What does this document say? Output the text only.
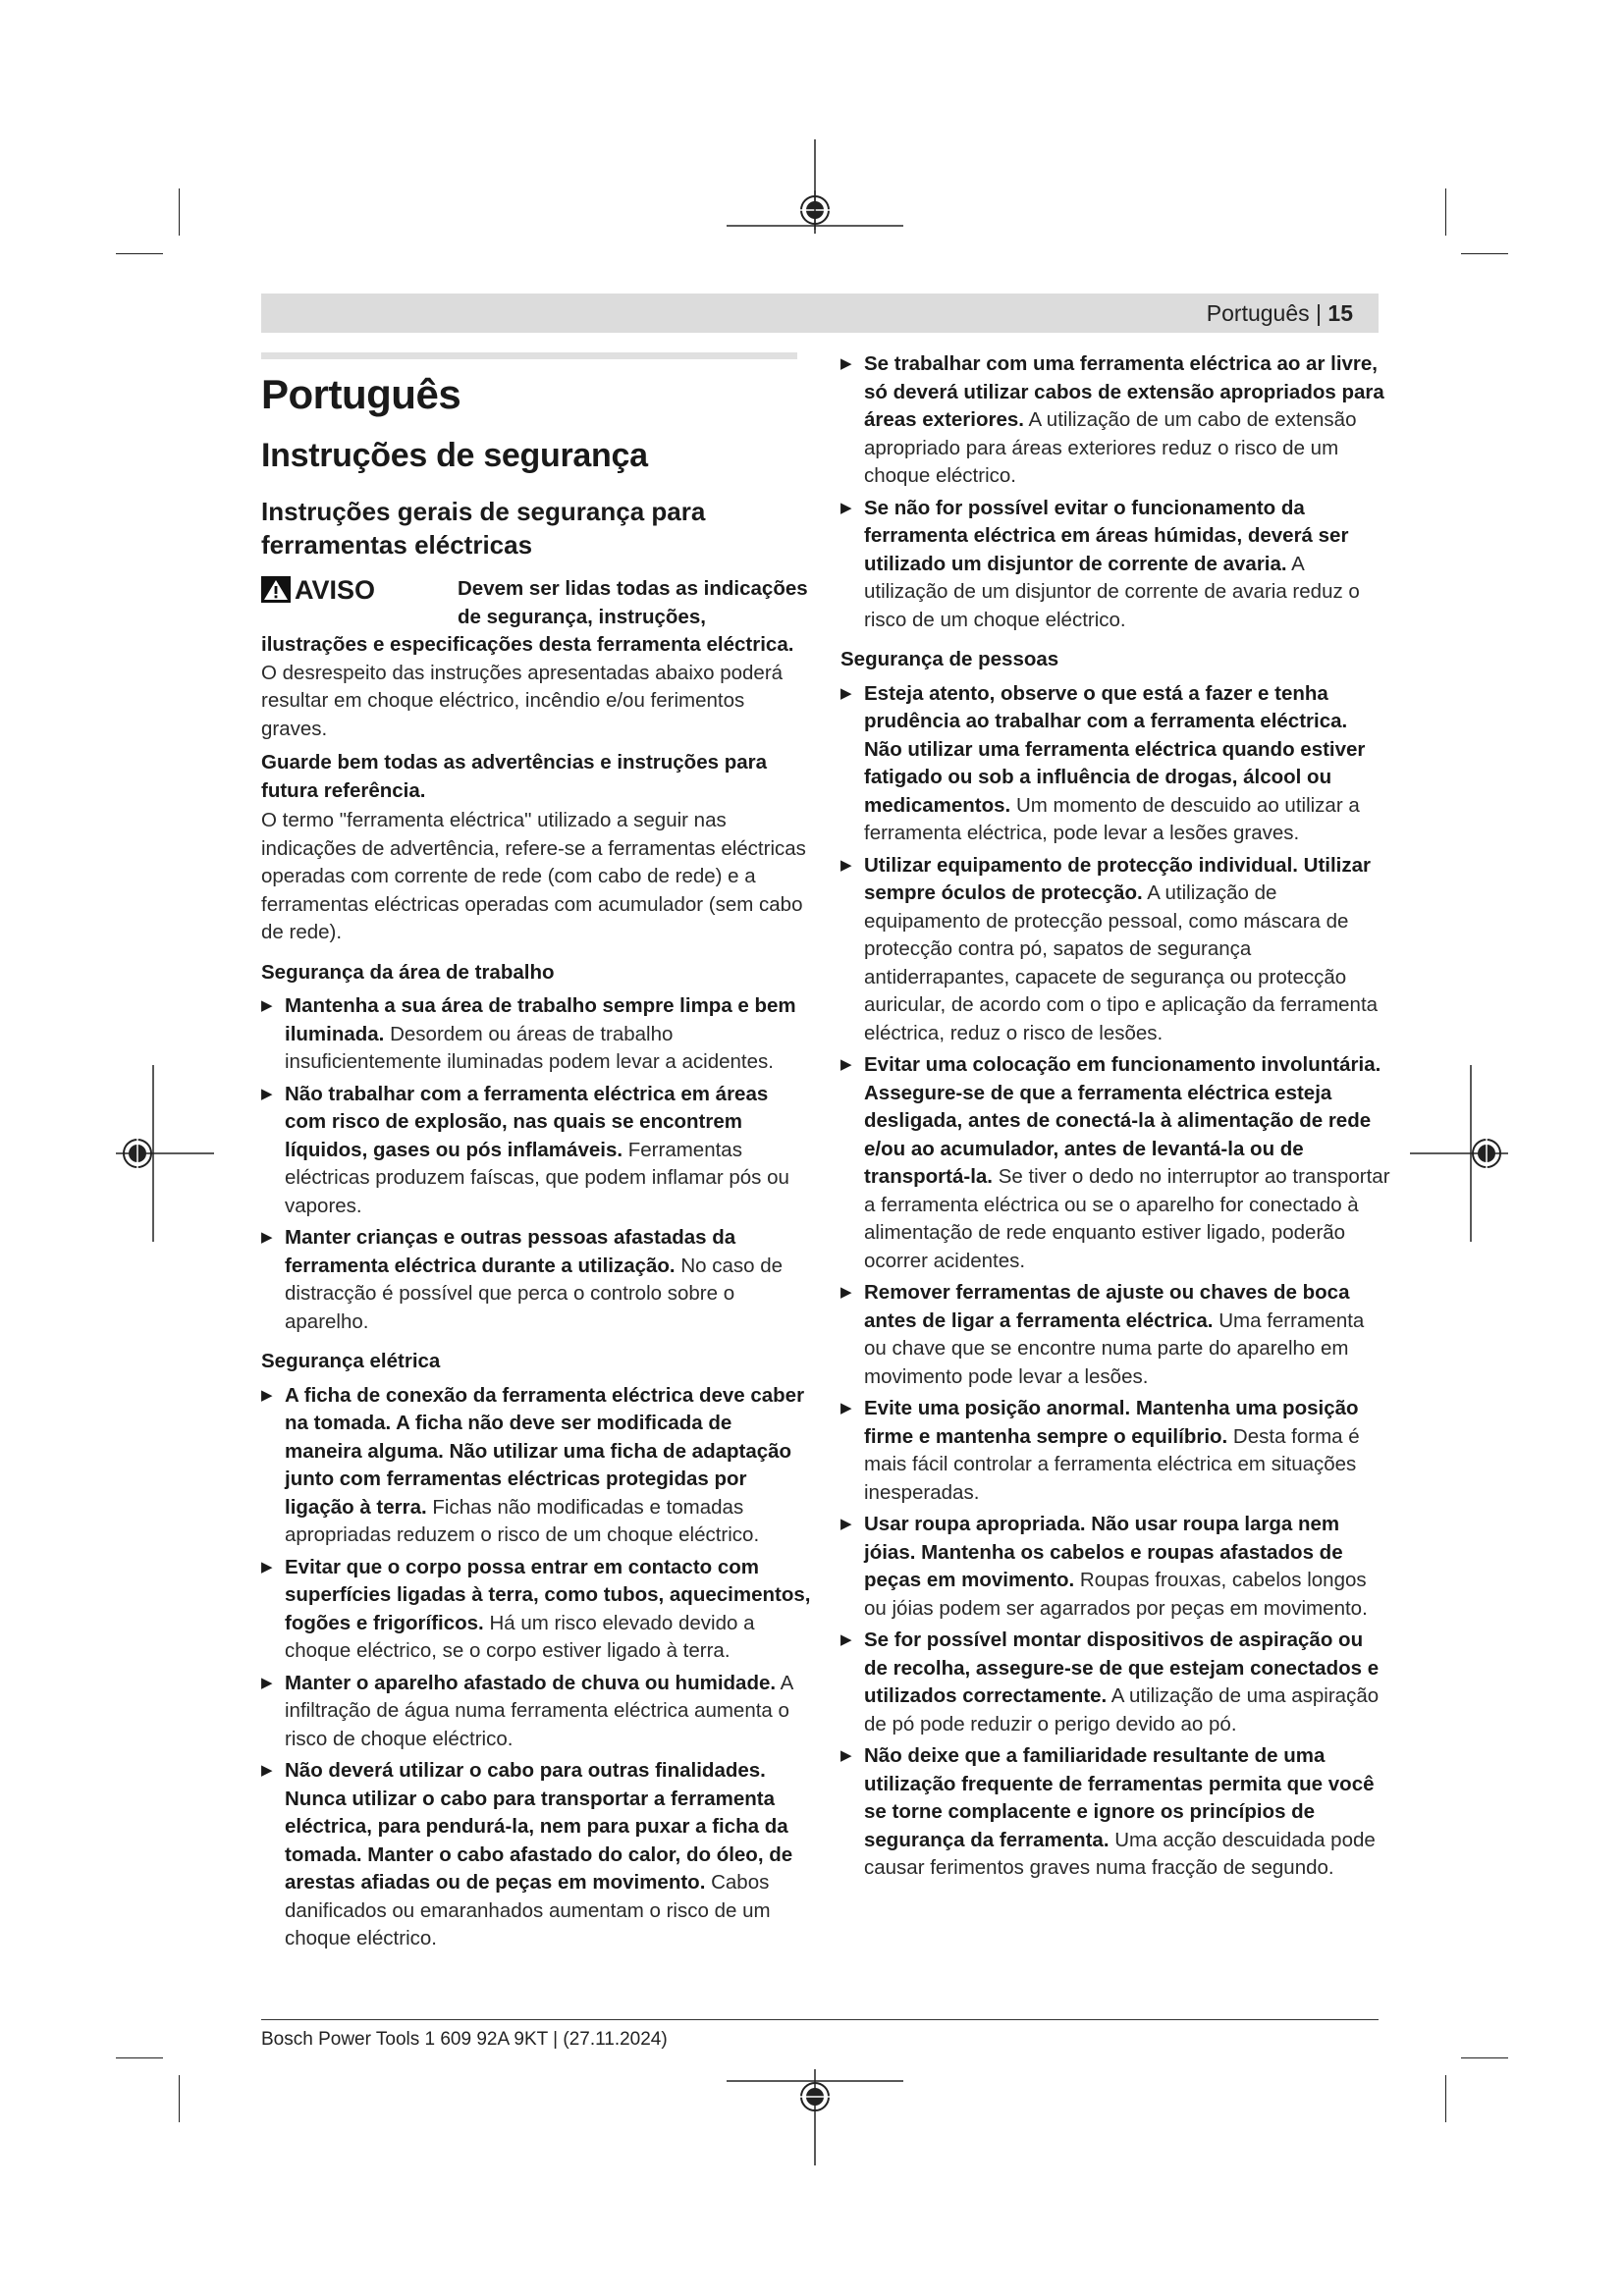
Português | 15
Português
Instruções de segurança
Instruções gerais de segurança para ferramentas eléctricas
AVISO	Devem ser lidas todas as indicações de segurança, instruções, ilustrações e especificações desta ferramenta eléctrica. O desrespeito das instruções apresentadas abaixo poderá resultar em choque eléctrico, incêndio e/ou ferimentos graves.

Guarde bem todas as advertências e instruções para futura referência.

O termo "ferramenta eléctrica" utilizado a seguir nas indicações de advertência, refere-se a ferramentas eléctricas operadas com corrente de rede (com cabo de rede) e a ferramentas eléctricas operadas com acumulador (sem cabo de rede).

Segurança da área de trabalho

▶ Mantenha a sua área de trabalho sempre limpa e bem iluminada. Desordem ou áreas de trabalho insuficientemente iluminadas podem levar a acidentes.
▶ Não trabalhar com a ferramenta eléctrica em áreas com risco de explosão, nas quais se encontrem líquidos, gases ou pós inflamáveis. Ferramentas eléctricas produzem faíscas, que podem inflamar pós ou vapores.
▶ Manter crianças e outras pessoas afastadas da ferramenta eléctrica durante a utilização. No caso de distracção é possível que perca o controlo sobre o aparelho.

Segurança elétrica

▶ A ficha de conexão da ferramenta eléctrica deve caber na tomada. A ficha não deve ser modificada de maneira alguma. Não utilizar uma ficha de adaptação junto com ferramentas eléctricas protegidas por ligação à terra. Fichas não modificadas e tomadas apropriadas reduzem o risco de um choque eléctrico.
▶ Evitar que o corpo possa entrar em contacto com superfícies ligadas à terra, como tubos, aquecimentos, fogões e frigoríficos. Há um risco elevado devido a choque eléctrico, se o corpo estiver ligado à terra.
▶ Manter o aparelho afastado de chuva ou humidade. A infiltração de água numa ferramenta eléctrica aumenta o risco de choque eléctrico.
▶ Não deverá utilizar o cabo para outras finalidades. Nunca utilizar o cabo para transportar a ferramenta eléctrica, para pendurá-la, nem para puxar a ficha da tomada. Manter o cabo afastado do calor, do óleo, de arestas afiadas ou de peças em movimento. Cabos danificados ou emaranhados aumentam o risco de um choque eléctrico.
▶ Se trabalhar com uma ferramenta eléctrica ao ar livre, só deverá utilizar cabos de extensão apropriados para áreas exteriores. A utilização de um cabo de extensão apropriado para áreas exteriores reduz o risco de um choque eléctrico.
▶ Se não for possível evitar o funcionamento da ferramenta eléctrica em áreas húmidas, deverá ser utilizado um disjuntor de corrente de avaria. A utilização de um disjuntor de corrente de avaria reduz o risco de um choque eléctrico.

Segurança de pessoas

▶ Esteja atento, observe o que está a fazer e tenha prudência ao trabalhar com a ferramenta eléctrica. Não utilizar uma ferramenta eléctrica quando estiver fatigado ou sob a influência de drogas, álcool ou medicamentos. Um momento de descuido ao utilizar a ferramenta eléctrica, pode levar a lesões graves.
▶ Utilizar equipamento de protecção individual. Utilizar sempre óculos de protecção. A utilização de equipamento de protecção pessoal, como máscara de protecção contra pó, sapatos de segurança antiderrapantes, capacete de segurança ou protecção auricular, de acordo com o tipo e aplicação da ferramenta eléctrica, reduz o risco de lesões.
▶ Evitar uma colocação em funcionamento involuntária. Assegure-se de que a ferramenta eléctrica esteja desligada, antes de conectá-la à alimentação de rede e/ou ao acumulador, antes de levantá-la ou de transportá-la. Se tiver o dedo no interruptor ao transportar a ferramenta eléctrica ou se o aparelho for conectado à alimentação de rede enquanto estiver ligado, poderão ocorrer acidentes.
▶ Remover ferramentas de ajuste ou chaves de boca antes de ligar a ferramenta eléctrica. Uma ferramenta ou chave que se encontre numa parte do aparelho em movimento pode levar a lesões.
▶ Evite uma posição anormal. Mantenha uma posição firme e mantenha sempre o equilíbrio. Desta forma é mais fácil controlar a ferramenta eléctrica em situações inesperadas.
▶ Usar roupa apropriada. Não usar roupa larga nem jóias. Mantenha os cabelos e roupas afastados de peças em movimento. Roupas frouxas, cabelos longos ou jóias podem ser agarrados por peças em movimento.
▶ Se for possível montar dispositivos de aspiração ou de recolha, assegure-se de que estejam conectados e utilizados correctamente. A utilização de uma aspiração de pó pode reduzir o perigo devido ao pó.
▶ Não deixe que a familiaridade resultante de uma utilização frequente de ferramentas permita que você se torne complacente e ignore os princípios de segurança da ferramenta. Uma acção descuidada pode causar ferimentos graves numa fracção de segundo.
Bosch Power Tools 1 609 92A 9KT | (27.11.2024)
